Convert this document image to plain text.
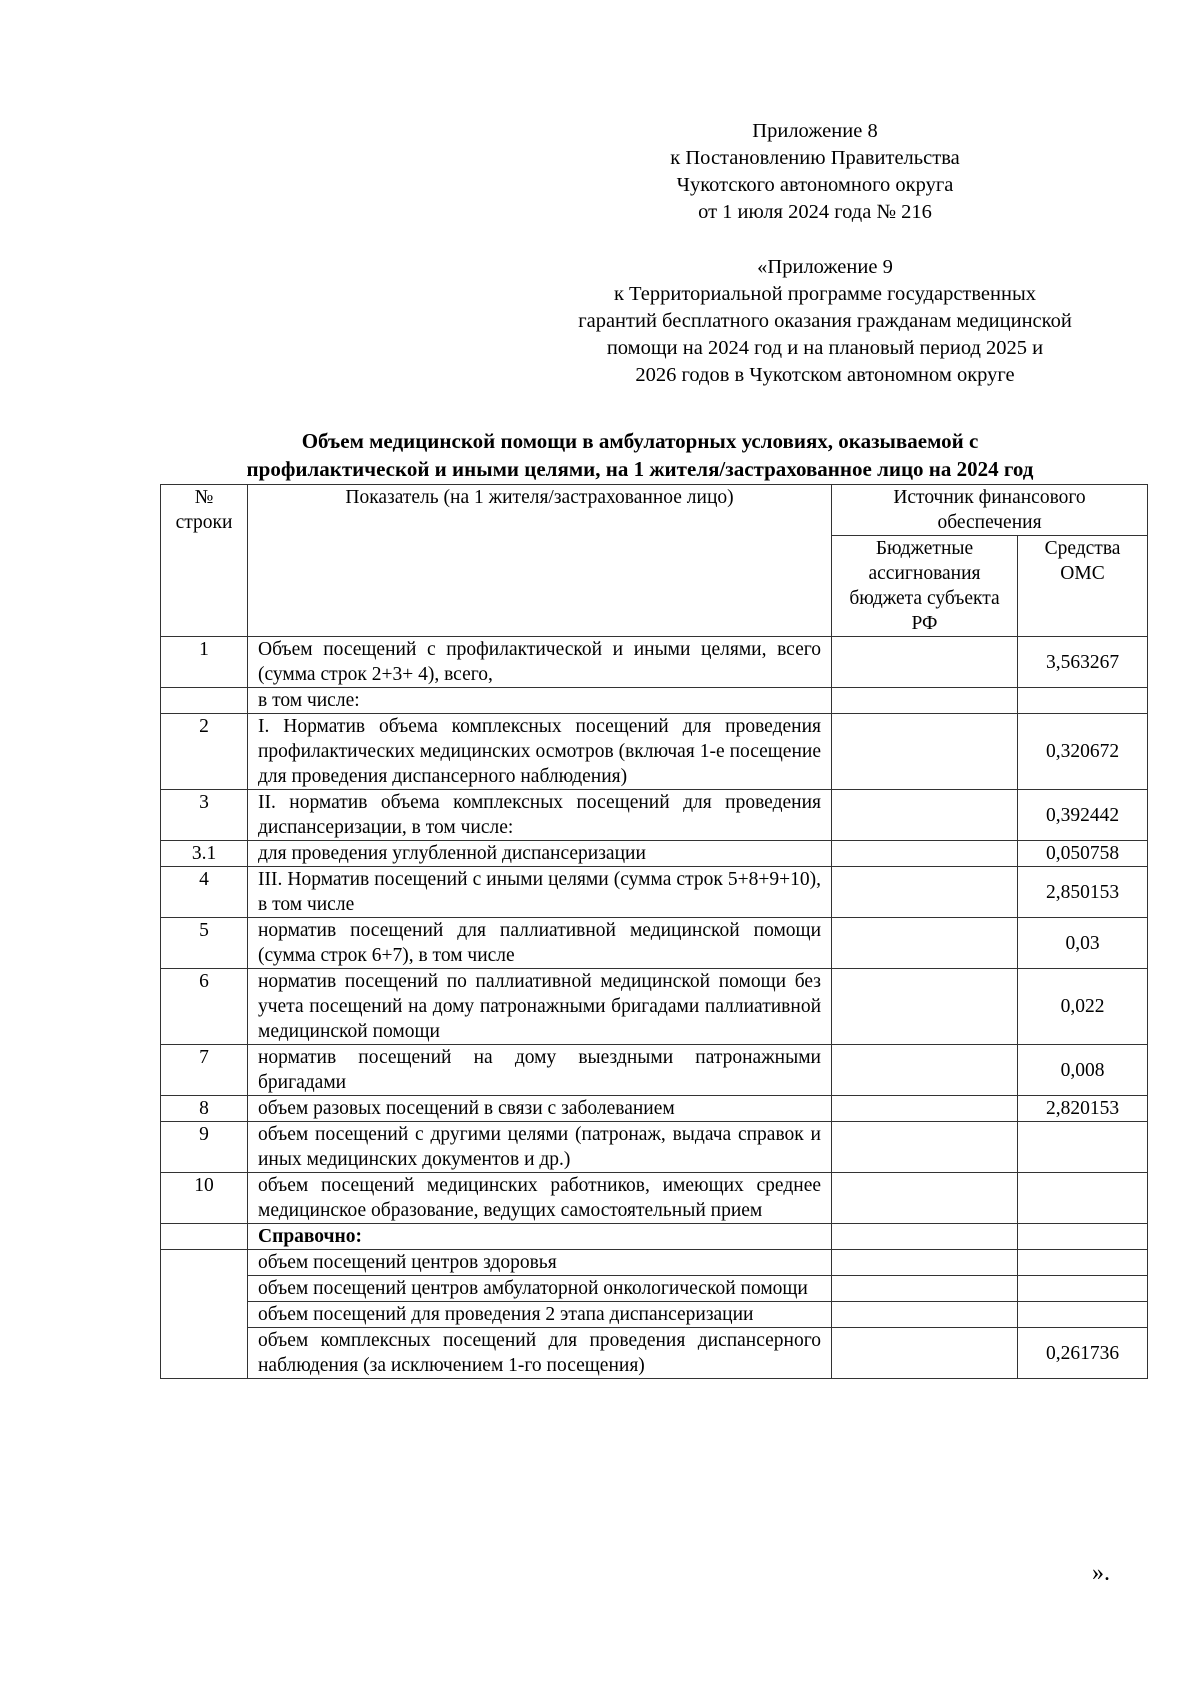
Приложение 8
к Постановлению Правительства
Чукотского автономного округа
от 1 июля 2024 года № 216
«Приложение 9
к Территориальной программе государственных
гарантий бесплатного оказания гражданам медицинской
помощи на 2024 год и на плановый период 2025 и
2026 годов в Чукотском автономном округе
Объем медицинской помощи в амбулаторных условиях, оказываемой с
профилактической и иными целями, на 1 жителя/застрахованное лицо на 2024 год
№ строки	Показатель (на 1 жителя/застрахованное лицо)	Источник финансового обеспечения	
		Бюджетные ассигнования бюджета субъекта РФ	Средства ОМС
1	Объем посещений с профилактической и иными целями, всего (сумма строк 2+3+ 4), всего,		3,563267
	в том числе:		
2	I. Норматив объема комплексных посещений для проведения профилактических медицинских осмотров (включая 1-е посещение для проведения диспансерного наблюдения)		0,320672
3	II. норматив объема комплексных посещений для проведения диспансеризации, в том числе:		0,392442
3.1	для проведения углубленной диспансеризации		0,050758
4	III. Норматив посещений с иными целями (сумма строк 5+8+9+10), в том числе		2,850153
5	норматив посещений для паллиативной медицинской помощи (сумма строк 6+7), в том числе		0,03
6	норматив посещений по паллиативной медицинской помощи без учета посещений на дому патронажными бригадами паллиативной медицинской помощи		0,022
7	норматив посещений на дому выездными патронажными бригадами		0,008
8	объем разовых посещений в связи с заболеванием		2,820153
9	объем посещений с другими целями (патронаж, выдача справок и иных медицинских документов и др.)		
10	объем посещений медицинских работников, имеющих среднее медицинское образование, ведущих самостоятельный прием		
	Справочно:		
	объем посещений центров здоровья		
	объем посещений центров амбулаторной онкологической помощи		
	объем посещений для проведения 2 этапа диспансеризации		
	объем комплексных посещений для проведения диспансерного наблюдения (за исключением 1-го посещения)		0,261736
».
